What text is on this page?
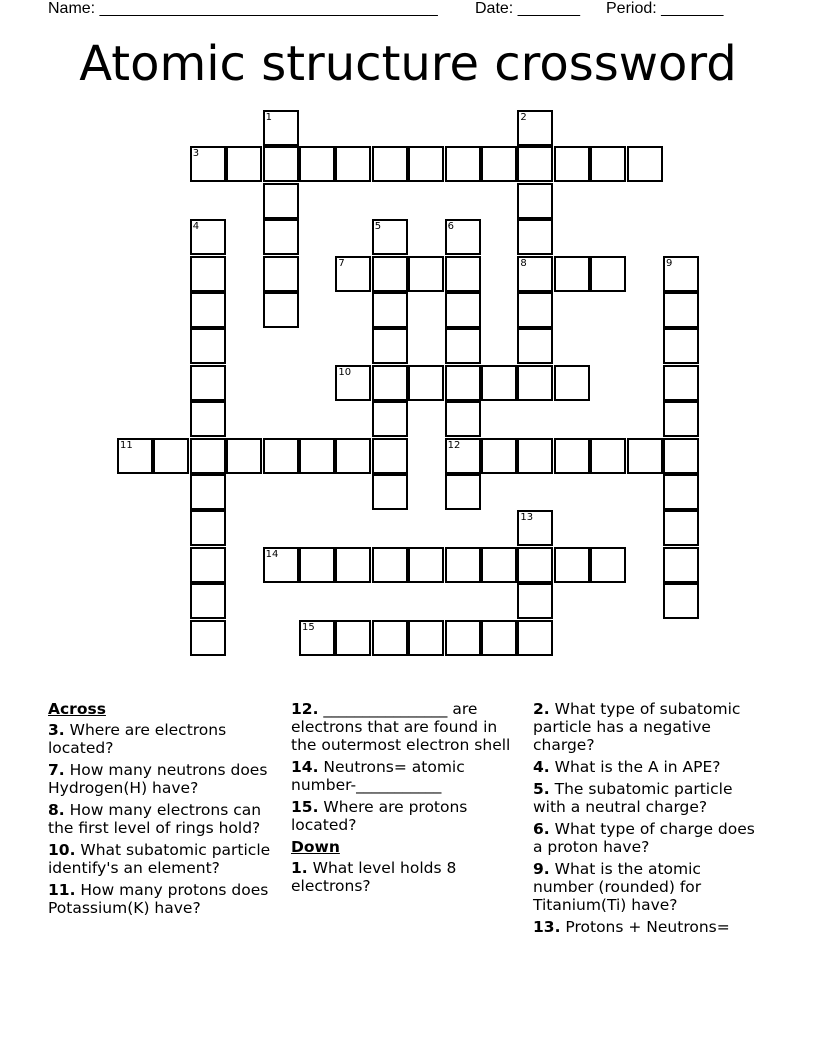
Name: ______________________________________ Date: _______ Period: _______
Atomic structure crossword
1	2
8
3
4	5	6
12
7	9
10
11
13
14
15
Across
3. Where are electrons located?
7. How many neutrons does Hydrogen(H) have?
8. How many electrons can the first level of rings hold?
10. What subatomic particle identify's an element?
11. How many protons does Potassium(K) have?
12. ________________ are electrons that are found in the outermost electron shell
14. Neutrons= atomic number-___________
15. Where are protons located?
Down
1. What level holds 8 electrons?
2. What type of subatomic particle has a negative charge?
4. What is the A in APE?
5. The subatomic particle with a neutral charge?
6. What type of charge does a proton have?
9. What is the atomic number (rounded) for Titanium(Ti) have?
13. Protons + Neutrons=
